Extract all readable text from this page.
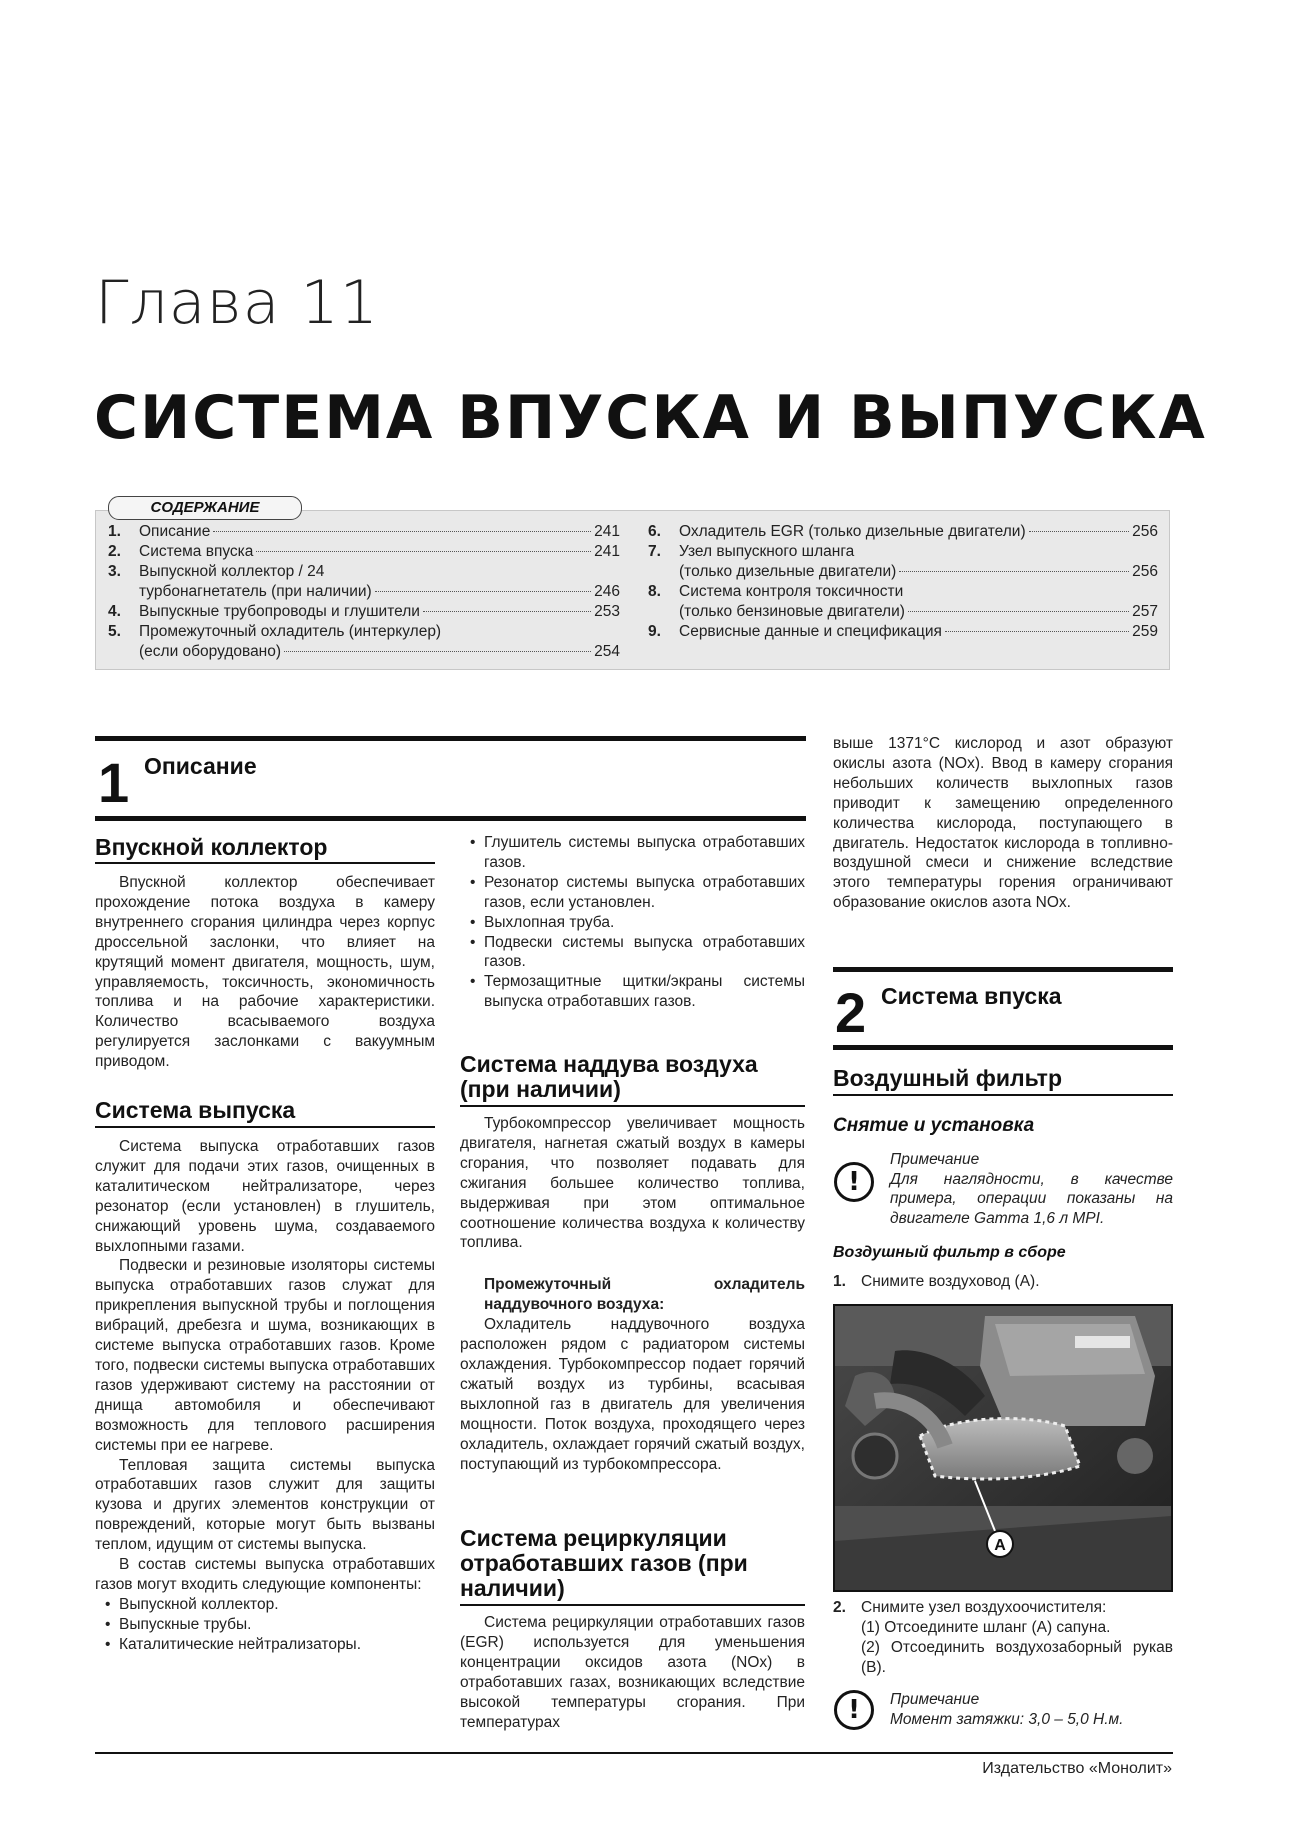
Глава 11
СИСТЕМА ВПУСКА И ВЫПУСКА
СОДЕРЖАНИЕ
1.	Описание	241
2.	Система впуска	241
3.	Выпускной коллектор / 24
турбонагнетатель (при наличии)	246
4.	Выпускные трубопроводы и глушители	253
5.	Промежуточный охладитель (интеркулер)
(если оборудовано)	254
6.	Охладитель EGR (только дизельные двигатели)	256
7.	Узел выпускного шланга
(только дизельные двигатели)	256
8.	Система контроля токсичности
(только бензиновые двигатели)	257
9.	Сервисные данные и спецификация	259
1 Описание
Впускной коллектор

Впускной коллектор обеспечивает прохождение потока воздуха в камеру внутреннего сгорания цилиндра через корпус дроссельной заслонки, что влияет на крутящий момент двигателя, мощность, шум, управляемость, токсичность, экономичность топлива и на рабочие характеристики. Количество всасываемого воздуха регулируется заслонками с вакуумным приводом.

Система выпуска

Система выпуска отработавших газов служит для подачи этих газов, очищенных в каталитическом нейтрализаторе, через резонатор (если установлен) в глушитель, снижающий уровень шума, создаваемого выхлопными газами.

Подвески и резиновые изоляторы системы выпуска отработавших газов служат для прикрепления выпускной трубы и поглощения вибраций, дребезга и шума, возникающих в системе выпуска отработавших газов. Кроме того, подвески системы выпуска отработавших газов удерживают систему на расстоянии от днища автомобиля и обеспечивают возможность для теплового расширения системы при ее нагреве.

Тепловая защита системы выпуска отработавших газов служит для защиты кузова и других элементов конструкции от повреждений, которые могут быть вызваны теплом, идущим от системы выпуска.

В состав системы выпуска отработавших газов могут входить следующие компоненты:

• Выпускной коллектор.
• Выпускные трубы.
• Каталитические нейтрализаторы.
• Глушитель системы выпуска отработавших газов.
• Резонатор системы выпуска отработавших газов, если установлен.
• Выхлопная труба.
• Подвески системы выпуска отработавших газов.
• Термозащитные щитки/экраны системы выпуска отработавших газов.
Система наддува воздуха (при наличии)

Турбокомпрессор увеличивает мощность двигателя, нагнетая сжатый воздух в камеры сгорания, что позволяет подавать для сжигания большее количество топлива, выдерживая при этом оптимальное соотношение количества воздуха к количеству топлива.

Промежуточный охладитель наддувочного воздуха:

Охладитель наддувочного воздуха расположен рядом с радиатором системы охлаждения. Турбокомпрессор подает горячий сжатый воздух из турбины, всасывая выхлопной газ в двигатель для увеличения мощности. Поток воздуха, проходящего через охладитель, охлаждает горячий сжатый воздух, поступающий из турбокомпрессора.

Система рециркуляции отработавших газов (при наличии)

Система рециркуляции отработавших газов (EGR) используется для уменьшения концентрации оксидов азота (NOx) в отработавших газах, возникающих вследствие высокой температуры сгорания. При температурах

выше 1371°С кислород и азот образуют окислы азота (NOx). Ввод в камеру сгорания небольших количеств выхлопных газов приводит к замещению определенного количества кислорода, поступающего в двигатель. Недостаток кислорода в топливно-воздушной смеси и снижение вследствие этого температуры горения ограничивают образование окислов азота NOx.

2 Система впуска
Воздушный фильтр
Снятие и установка
!
Примечание
Для наглядности, в качестве примера, операции показаны на двигателе Gamma 1,6 л MPI.
Воздушный фильтр в сборе
1. Снимите воздуховод (A).
A
2. Снимите узел воздухоочистителя:
(1) Отсоедините шланг (A) сапуна.
(2) Отсоединить воздухозаборный рукав (B).
!	Примечание
Момент затяжки: 3,0 – 5,0 Н.м.
Издательство «Монолит»
